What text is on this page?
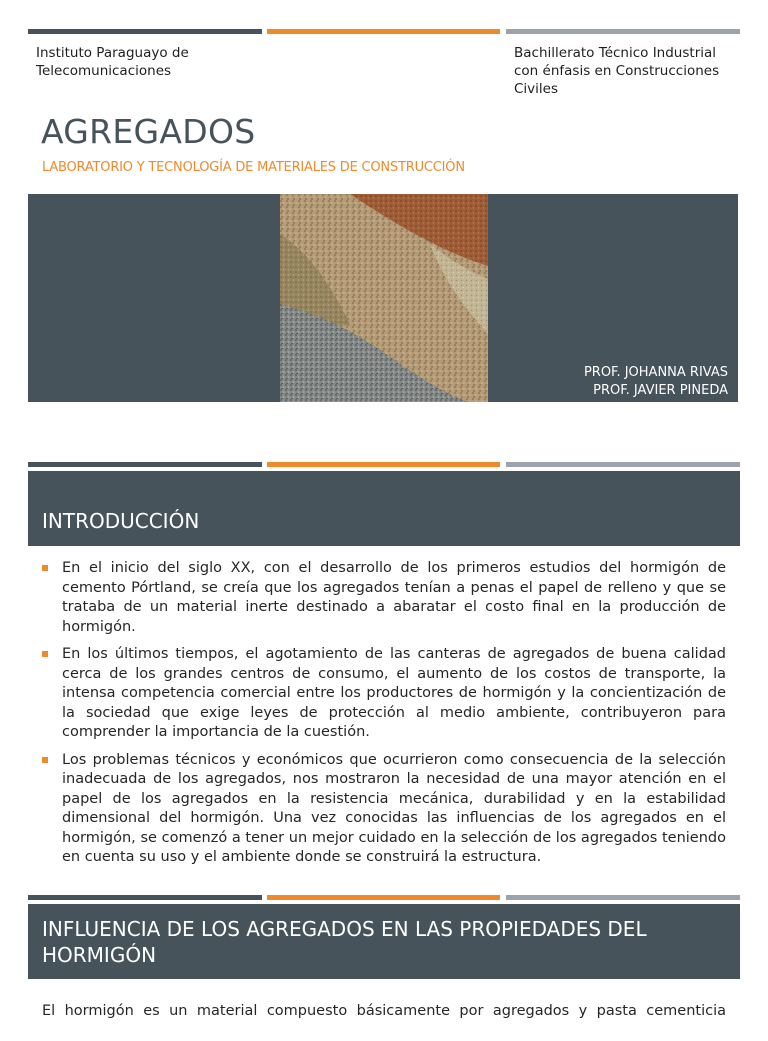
Instituto Paraguayo de Telecomunicaciones
Bachillerato Técnico Industrial con énfasis en Construcciones Civiles
AGREGADOS
LABORATORIO Y TECNOLOGÍA DE MATERIALES DE CONSTRUCCIÓN
PROF. JOHANNA RIVAS
PROF. JAVIER PINEDA
INTRODUCCIÓN
En el inicio del siglo XX, con el desarrollo de los primeros estudios del hormigón de cemento Pórtland, se creía que los agregados tenían a penas el papel de relleno y que se trataba de un material inerte destinado a abaratar el costo final en la producción de hormigón.
En los últimos tiempos, el agotamiento de las canteras de agregados de buena calidad cerca de los grandes centros de consumo, el aumento de los costos de transporte, la intensa competencia comercial entre los productores de hormigón y la concientización de la sociedad que exige leyes de protección al medio ambiente, contribuyeron para comprender la importancia de la cuestión.
Los problemas técnicos y económicos que ocurrieron como consecuencia de la selección inadecuada de los agregados, nos mostraron la necesidad de una mayor atención en el papel de los agregados en la resistencia mecánica, durabilidad y en la estabilidad dimensional del hormigón. Una vez conocidas las influencias de los agregados en el hormigón, se comenzó a tener un mejor cuidado en la selección de los agregados teniendo en cuenta su uso y el ambiente donde se construirá la estructura.
INFLUENCIA DE LOS AGREGADOS EN LAS PROPIEDADES DEL HORMIGÓN

El hormigón es un material compuesto básicamente por agregados y pasta cementicia
